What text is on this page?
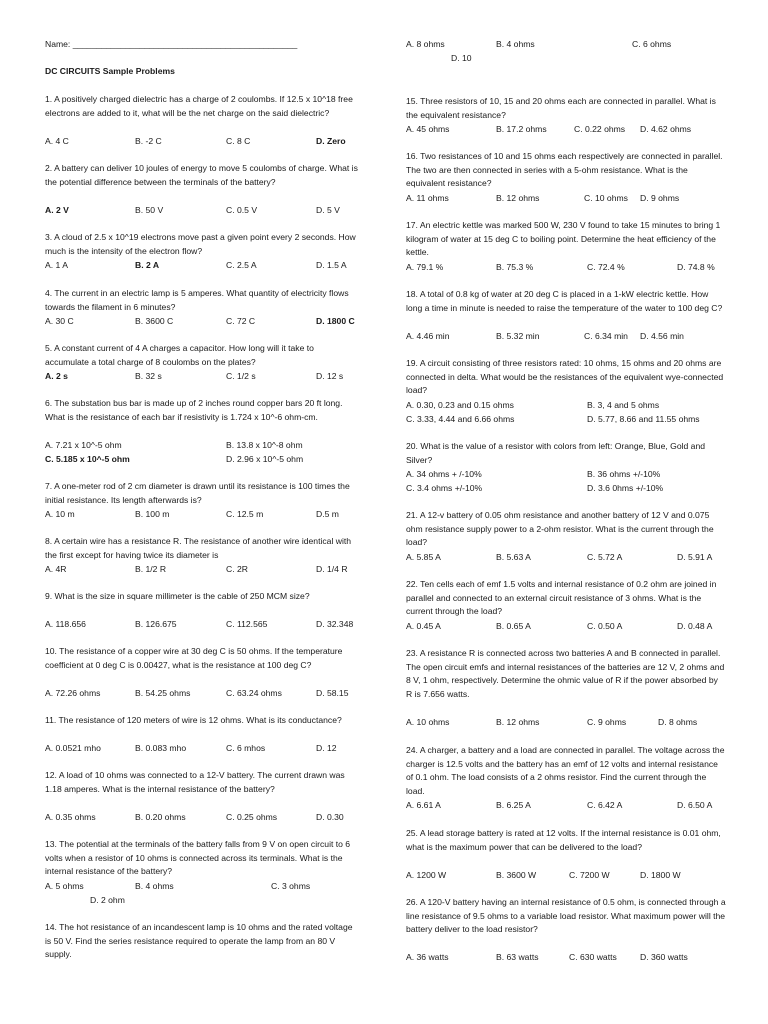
Name: _______________________________________________
DC CIRCUITS Sample Problems
1. A positively charged dielectric has a charge of 2 coulombs. If 12.5 x 10^18 free electrons are added to it, what will be the net charge on the said dielectric?
A. 4 C	B. -2 C	C. 8 C	D. Zero
2. A battery can deliver 10 joules of energy to move 5 coulombs of charge. What is the potential difference between the terminals of the battery?
A. 2 V	B. 50 V	C. 0.5 V	D. 5 V
3. A cloud of 2.5 x 10^19 electrons move past a given point every 2 seconds. How much is the intensity of the electron flow?
A. 1 A	B. 2 A	C. 2.5 A	D. 1.5 A
4. The current in an electric lamp is 5 amperes. What quantity of electricity flows towards the filament in 6 minutes?
A. 30 C	B. 3600 C	C. 72 C	D. 1800 C
5. A constant current of 4 A charges a capacitor. How long will it take to accumulate a total charge of 8 coulombs on the plates?
A. 2 s	B. 32 s	C. 1/2 s	D. 12 s
6. The substation bus bar is made up of 2 inches round copper bars 20 ft long. What is the resistance of each bar if resistivity is 1.724 x 10^-6 ohm-cm.
A. 7.21 x 10^-5 ohm	B. 13.8 x 10^-8 ohm
C. 5.185 x 10^-5 ohm	D. 2.96 x 10^-5 ohm
7. A one-meter rod of 2 cm diameter is drawn until its resistance is 100 times the initial resistance. Its length afterwards is?
A. 10 m	B. 100 m	C. 12.5 m	D.5 m
8. A certain wire has a resistance R. The resistance of another wire identical with the first except for having twice its diameter is
A. 4R	B. 1/2 R	C. 2R	D. 1/4 R
9. What is the size in square millimeter is the cable of 250 MCM size?
A. 118.656	B. 126.675	C. 112.565	D. 32.348
10. The resistance of a copper wire at 30 deg C is 50 ohms. If the temperature coefficient at 0 deg C is 0.00427, what is the resistance at 100 deg C?
A. 72.26 ohms	B. 54.25 ohms	C. 63.24 ohms	D. 58.15
11. The resistance of 120 meters of wire is 12 ohms. What is its conductance?
A. 0.0521 mho	B. 0.083 mho	C. 6 mhos	D. 12
12. A load of 10 ohms was connected to a 12-V battery. The current drawn was 1.18 amperes. What is the internal resistance of the battery?
A. 0.35 ohms	B. 0.20 ohms	C. 0.25 ohms	D. 0.30
13. The potential at the terminals of the battery falls from 9 V on open circuit to 6 volts when a resistor of 10 ohms is connected across its terminals. What is the internal resistance of the battery?
A. 5 ohms	B. 4 ohms	C. 3 ohms
D. 2 ohm
14. The hot resistance of an incandescent lamp is 10 ohms and the rated voltage is 50 V. Find the series resistance required to operate the lamp from an 80 V supply.
15. Three resistors of 10, 15 and 20 ohms each are connected in parallel. What is the equivalent resistance?
A. 45 ohms	B. 17.2 ohms	C. 0.22 ohms D. 4.62 ohms
16. Two resistances of 10 and 15 ohms each respectively are connected in parallel. The two are then connected in series with a 5-ohm resistance. What is the equivalent resistance?
A. 11 ohms	B. 12 ohms	C. 10 ohms D. 9 ohms
17. An electric kettle was marked 500 W, 230 V found to take 15 minutes to bring 1 kilogram of water at 15 deg C to boiling point. Determine the heat efficiency of the kettle.
A. 79.1 %	B. 75.3 %	C. 72.4 %	D. 74.8 %
18. A total of 0.8 kg of water at 20 deg C is placed in a 1-kW electric kettle. How long a time in minute is needed to raise the temperature of the water to 100 deg C?
A. 4.46 min	B. 5.32 min	C. 6.34 min D. 4.56 min
19. A circuit consisting of three resistors rated: 10 ohms, 15 ohms and 20 ohms are connected in delta. What would be the resistances of the equivalent wye-connected load?
A. 0.30, 0.23 and 0.15 ohms	B. 3, 4 and 5 ohms
C. 3.33, 4.44 and 6.66 ohms	D. 5.77, 8.66 and 11.55 ohms
20. What is the value of a resistor with colors from left: Orange, Blue, Gold and Silver?
A. 34 ohms + /-10%	B. 36 ohms +/-10%
C. 3.4 ohms +/-10%	D. 3.6 0hms +/-10%
21. A 12-v battery of 0.05 ohm resistance and another battery of 12 V and 0.075 ohm resistance supply power to a 2-ohm resistor. What is the current through the load?
A. 5.85 A	B. 5.63 A	C. 5.72 A	D. 5.91 A
22. Ten cells each of emf 1.5 volts and internal resistance of 0.2 ohm are joined in parallel and connected to an external circuit resistance of 3 ohms. What is the current through the load?
A. 0.45 A	B. 0.65 A	C. 0.50 A	D. 0.48 A
23. A resistance R is connected across two batteries A and B connected in parallel. The open circuit emfs and internal resistances of the batteries are 12 V, 2 ohms and 8 V, 1 ohm, respectively. Determine the ohmic value of R if the power absorbed by R is 7.656 watts.
A. 10 ohms	B. 12 ohms	C. 9 ohms	D. 8 ohms
24. A charger, a battery and a load are connected in parallel. The voltage across the charger is 12.5 volts and the battery has an emf of 12 volts and internal resistance of 0.1 ohm. The load consists of a 2 ohms resistor. Find the current through the load.
A. 6.61 A	B. 6.25 A	C. 6.42 A	D. 6.50 A
25. A lead storage battery is rated at 12 volts. If the internal resistance is 0.01 ohm, what is the maximum power that can be delivered to the load?
A. 1200 W	B. 3600 W	C. 7200 W	D. 1800 W
26. A 120-V battery having an internal resistance of 0.5 ohm, is connected through a line resistance of 9.5 ohms to a variable load resistor. What maximum power will the battery deliver to the load resistor?
A. 36 watts	B. 63 watts	C. 630 watts	D. 360 watts
A. 8 ohms	B. 4 ohms	C. 6 ohms
D. 10
